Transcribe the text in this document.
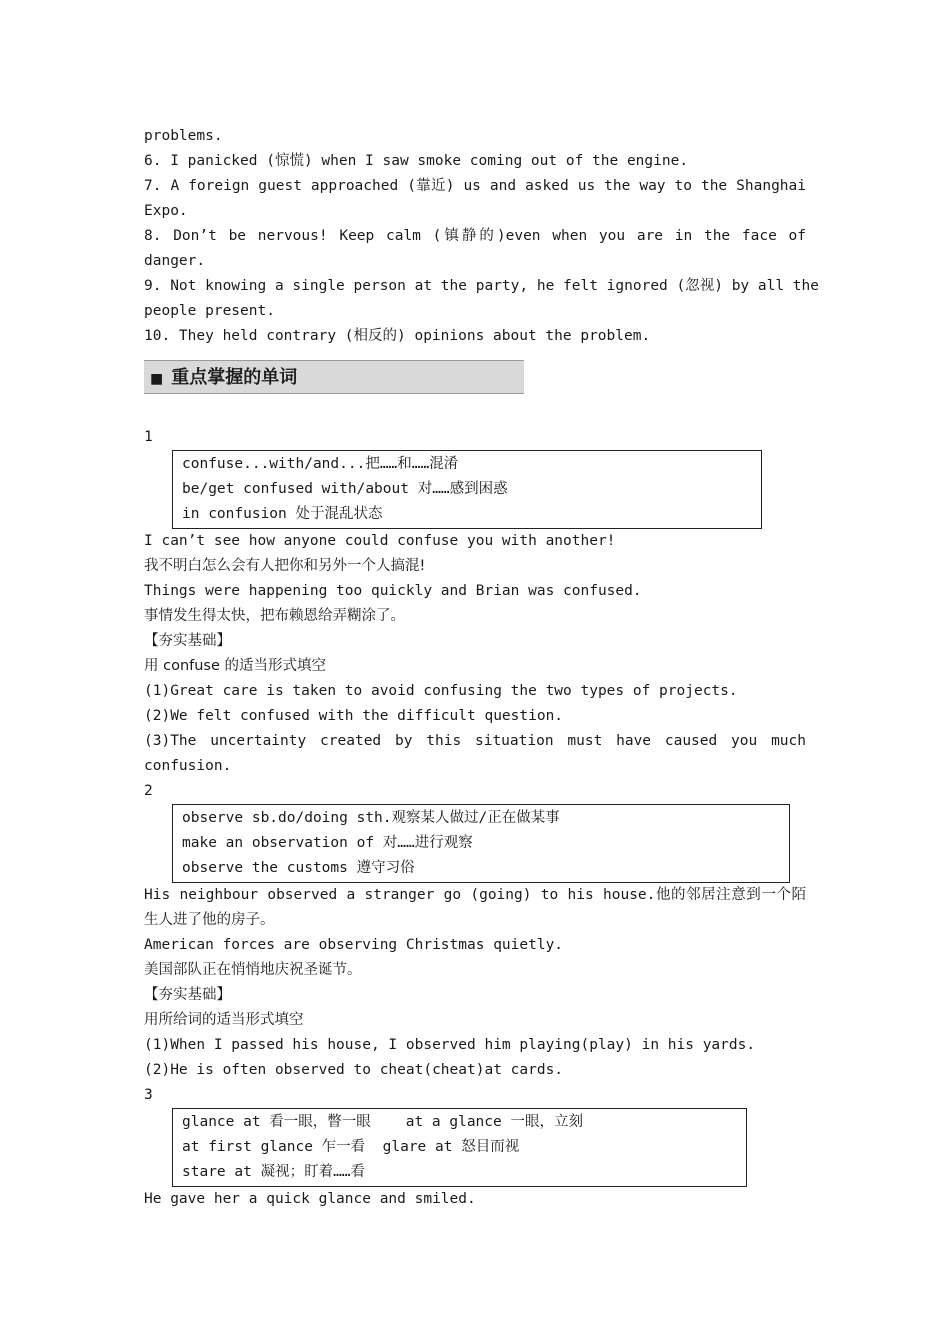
problems.
6. I panicked (惊慌) when I saw smoke coming out of the engine.
7. A foreign guest approached (靠近) us and asked us the way to the Shanghai
Expo.
8. Don’t be nervous! Keep calm (镇静的)even when you are in the face of
danger.
9. Not knowing a single person at the party, he felt ignored (忽视) by all the
people present.
10. They held contrary (相反的) opinions about the problem.
■ 重点掌握的单词
1
confuse...with/and...把……和……混淆
be/get confused with/about 对……感到困惑
in confusion 处于混乱状态
I can’t see how anyone could confuse you with another!
我不明白怎么会有人把你和另外一个人搞混!
Things were happening too quickly and Brian was confused.
事情发生得太快，把布赖恩给弄糊涂了。
【夯实基础】
用 confuse 的适当形式填空
(1)Great care is taken to avoid confusing the two types of projects.
(2)We felt confused with the difficult question.
(3)The uncertainty created by this situation must have caused you much
confusion.
2
observe sb.do/doing sth.观察某人做过/正在做某事
make an observation of 对……进行观察
observe the customs 遵守习俗
His neighbour observed a stranger go (going) to his house.他的邻居注意到一个陌
生人进了他的房子。
American forces are observing Christmas quietly.
美国部队正在悄悄地庆祝圣诞节。
【夯实基础】
用所给词的适当形式填空
(1)When I passed his house, I observed him playing(play) in his yards.
(2)He is often observed to cheat(cheat)at cards.
3
glance at 看一眼，瞥一眼    at a glance 一眼，立刻
at first glance 乍一看  glare at 怒目而视
stare at 凝视；盯着……看
He gave her a quick glance and smiled.
